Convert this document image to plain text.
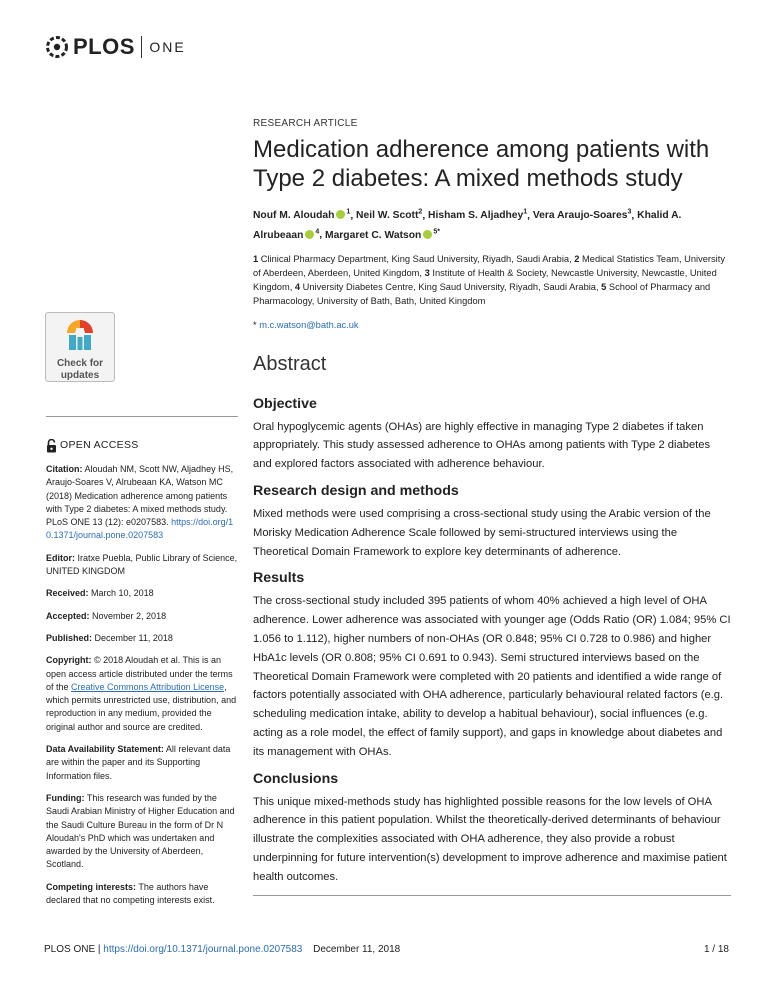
PLOS ONE
Check for
updates
OPEN ACCESS
Citation: Aloudah NM, Scott NW, Aljadhey HS, Araujo-Soares V, Alrubeaan KA, Watson MC (2018) Medication adherence among patients with Type 2 diabetes: A mixed methods study. PLoS ONE 13 (12): e0207583. https://doi.org/10.1371/journal.pone.0207583
Editor: Iratxe Puebla, Public Library of Science, UNITED KINGDOM
Received: March 10, 2018
Accepted: November 2, 2018
Published: December 11, 2018
Copyright: © 2018 Aloudah et al. This is an open access article distributed under the terms of the Creative Commons Attribution License, which permits unrestricted use, distribution, and reproduction in any medium, provided the original author and source are credited.
Data Availability Statement: All relevant data are within the paper and its Supporting Information files.
Funding: This research was funded by the Saudi Arabian Ministry of Higher Education and the Saudi Culture Bureau in the form of Dr N Aloudah's PhD which was undertaken and awarded by the University of Aberdeen, Scotland.
Competing interests: The authors have declared that no competing interests exist.
RESEARCH ARTICLE
Medication adherence among patients with Type 2 diabetes: A mixed methods study
Nouf M. Aloudah $^1$, Neil W. Scott$^2$, Hisham S. Aljadhey$^1$, Vera Araujo-Soares$^3$, Khalid A. Alrubeaan $^4$, Margaret C. Watson $^{5*}$
1 Clinical Pharmacy Department, King Saud University, Riyadh, Saudi Arabia, 2 Medical Statistics Team, University of Aberdeen, Aberdeen, United Kingdom, 3 Institute of Health & Society, Newcastle University, Newcastle, United Kingdom, 4 University Diabetes Centre, King Saud University, Riyadh, Saudi Arabia, 5 School of Pharmacy and Pharmacology, University of Bath, Bath, United Kingdom
* m.c.watson@bath.ac.uk
Abstract
Objective

Oral hypoglycemic agents (OHAs) are highly effective in managing Type 2 diabetes if taken appropriately. This study assessed adherence to OHAs among patients with Type 2 diabetes and explored factors associated with adherence behaviour.

Research design and methods

Mixed methods were used comprising a cross-sectional study using the Arabic version of the Morisky Medication Adherence Scale followed by semi-structured interviews using the Theoretical Domain Framework to explore key determinants of adherence.

Results

The cross-sectional study included 395 patients of whom 40% achieved a high level of OHA adherence. Lower adherence was associated with younger age (Odds Ratio (OR) 1.084; 95% CI 1.056 to 1.112), higher numbers of non-OHAs (OR 0.848; 95% CI 0.728 to 0.986) and higher HbA1c levels (OR 0.808; 95% CI 0.691 to 0.943). Semi structured interviews based on the Theoretical Domain Framework were completed with 20 patients and identified a wide range of factors potentially associated with OHA adherence, particularly behavioural related factors (e.g. scheduling medication intake, ability to develop a habitual behaviour), social influences (e.g. acting as a role model, the effect of family support), and gaps in knowledge about diabetes and its management with OHAs.

Conclusions

This unique mixed-methods study has highlighted possible reasons for the low levels of OHA adherence in this patient population. Whilst the theoretically-derived determinants of behaviour illustrate the complexities associated with OHA adherence, they also provide a robust underpinning for future intervention(s) development to improve adherence and maximise patient health outcomes.

PLOS ONE | https://doi.org/10.1371/journal.pone.0207583 December 11, 2018	1 / 18
